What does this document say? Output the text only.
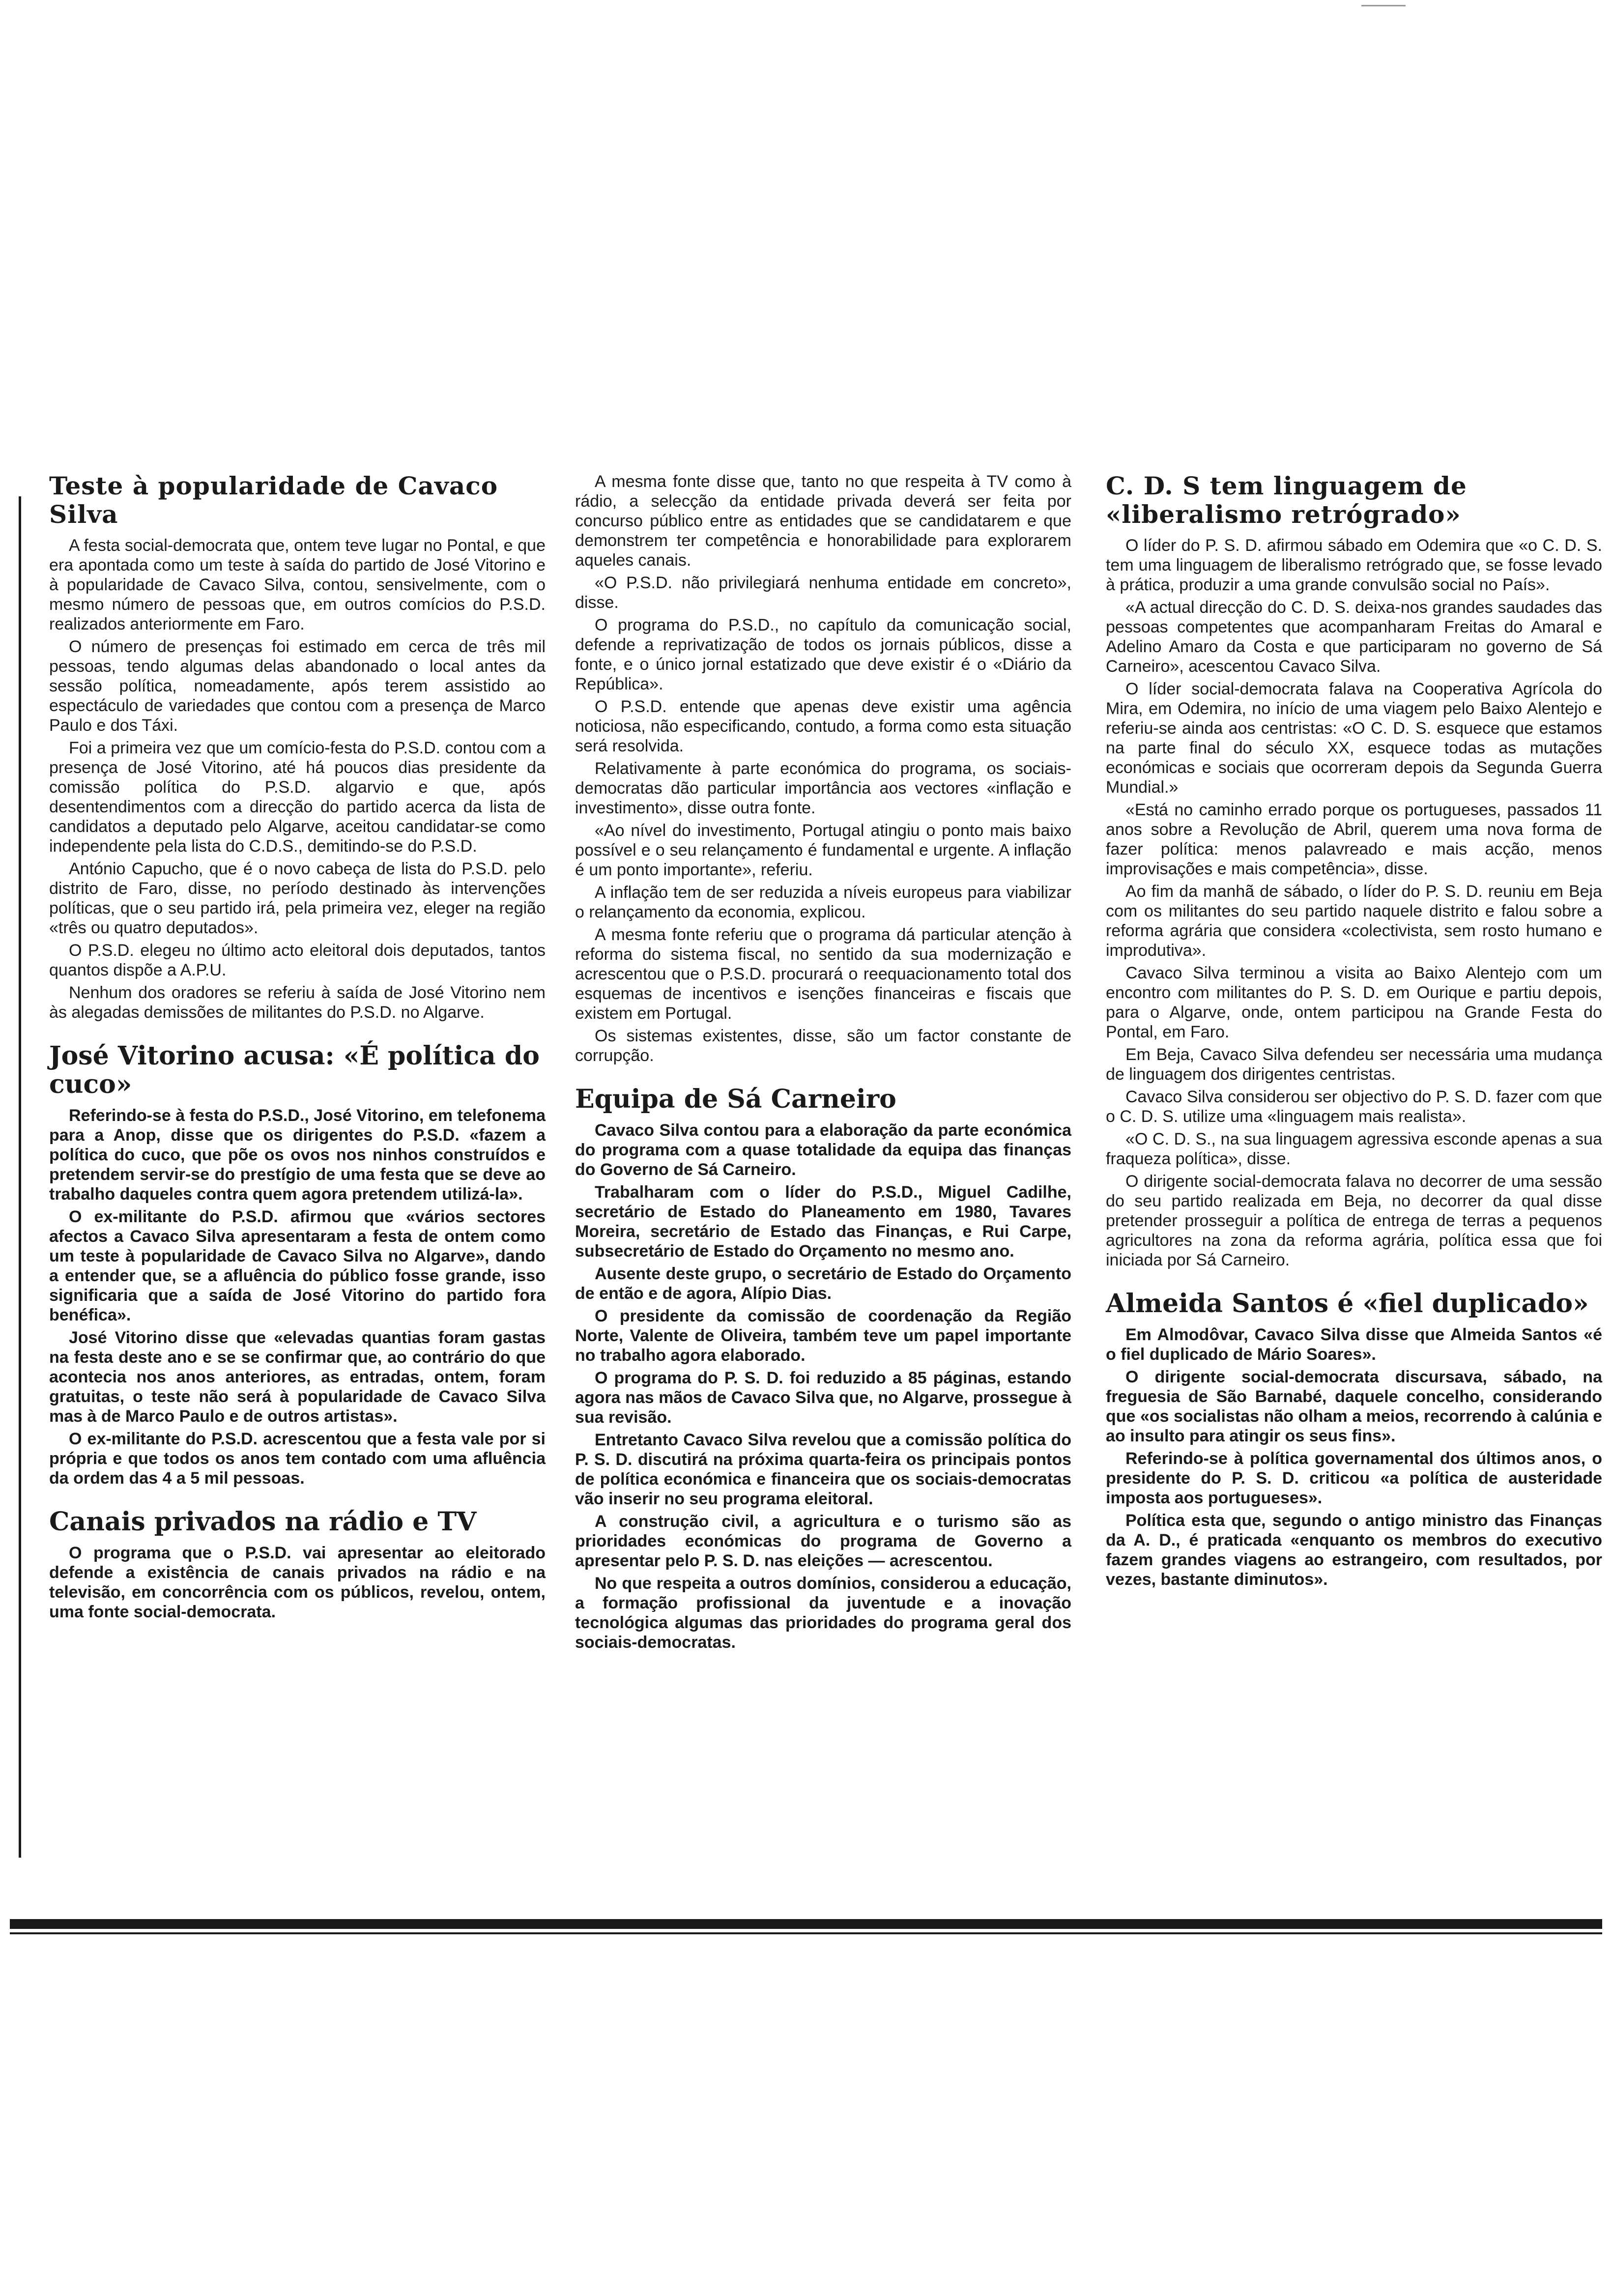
Teste à popularidade de Cavaco Silva

A festa social-democrata que, ontem teve lugar no Pontal, e que era apontada como um teste à saída do partido de José Vitorino e à popularidade de Cavaco Silva, contou, sensivelmente, com o mesmo número de pessoas que, em outros comícios do P.S.D. realizados anteriormente em Faro.

O número de presenças foi estimado em cerca de três mil pessoas, tendo algumas delas abandonado o local antes da sessão política, nomeadamente, após terem assistido ao espectáculo de variedades que contou com a presença de Marco Paulo e dos Táxi.

Foi a primeira vez que um comício-festa do P.S.D. contou com a presença de José Vitorino, até há poucos dias presidente da comissão política do P.S.D. algarvio e que, após desentendimentos com a direcção do partido acerca da lista de candidatos a deputado pelo Algarve, aceitou candidatar-se como independente pela lista do C.D.S., demitindo-se do P.S.D.

António Capucho, que é o novo cabeça de lista do P.S.D. pelo distrito de Faro, disse, no período destinado às intervenções políticas, que o seu partido irá, pela primeira vez, eleger na região «três ou quatro deputados».

O P.S.D. elegeu no último acto eleitoral dois deputados, tantos quantos dispõe a A.P.U.

Nenhum dos oradores se referiu à saída de José Vitorino nem às alegadas demissões de militantes do P.S.D. no Algarve.

José Vitorino acusa: «É política do cuco»

Referindo-se à festa do P.S.D., José Vitorino, em telefonema para a Anop, disse que os dirigentes do P.S.D. «fazem a política do cuco, que põe os ovos nos ninhos construídos e pretendem servir-se do prestígio de uma festa que se deve ao trabalho daqueles contra quem agora pretendem utilizá-la».

O ex-militante do P.S.D. afirmou que «vários sectores afectos a Cavaco Silva apresentaram a festa de ontem como um teste à popularidade de Cavaco Silva no Algarve», dando a entender que, se a afluência do público fosse grande, isso significaria que a saída de José Vitorino do partido fora benéfica».

José Vitorino disse que «elevadas quantias foram gastas na festa deste ano e se se confirmar que, ao contrário do que acontecia nos anos anteriores, as entradas, ontem, foram gratuitas, o teste não será à popularidade de Cavaco Silva mas à de Marco Paulo e de outros artistas».

O ex-militante do P.S.D. acrescentou que a festa vale por si própria e que todos os anos tem contado com uma afluência da ordem das 4 a 5 mil pessoas.

Canais privados na rádio e TV

O programa que o P.S.D. vai apresentar ao eleitorado defende a existência de canais privados na rádio e na televisão, em concorrência com os públicos, revelou, ontem, uma fonte social-democrata.

A mesma fonte disse que, tanto no que respeita à TV como à rádio, a selecção da entidade privada deverá ser feita por concurso público entre as entidades que se candidatarem e que demonstrem ter competência e honorabilidade para explorarem aqueles canais.

«O P.S.D. não privilegiará nenhuma entidade em concreto», disse.

O programa do P.S.D., no capítulo da comunicação social, defende a reprivatização de todos os jornais públicos, disse a fonte, e o único jornal estatizado que deve existir é o «Diário da República».

O P.S.D. entende que apenas deve existir uma agência noticiosa, não especificando, contudo, a forma como esta situação será resolvida.

Relativamente à parte económica do programa, os sociais-democratas dão particular importância aos vectores «inflação e investimento», disse outra fonte.

«Ao nível do investimento, Portugal atingiu o ponto mais baixo possível e o seu relançamento é fundamental e urgente. A inflação é um ponto importante», referiu.

A inflação tem de ser reduzida a níveis europeus para viabilizar o relançamento da economia, explicou.

A mesma fonte referiu que o programa dá particular atenção à reforma do sistema fiscal, no sentido da sua modernização e acrescentou que o P.S.D. procurará o reequacionamento total dos esquemas de incentivos e isenções financeiras e fiscais que existem em Portugal.

Os sistemas existentes, disse, são um factor constante de corrupção.

Equipa de Sá Carneiro

Cavaco Silva contou para a elaboração da parte económica do programa com a quase totalidade da equipa das finanças do Governo de Sá Carneiro.

Trabalharam com o líder do P.S.D., Miguel Cadilhe, secretário de Estado do Planeamento em 1980, Tavares Moreira, secretário de Estado das Finanças, e Rui Carpe, subsecretário de Estado do Orçamento no mesmo ano.

Ausente deste grupo, o secretário de Estado do Orçamento de então e de agora, Alípio Dias.

O presidente da comissão de coordenação da Região Norte, Valente de Oliveira, também teve um papel importante no trabalho agora elaborado.

O programa do P. S. D. foi reduzido a 85 páginas, estando agora nas mãos de Cavaco Silva que, no Algarve, prossegue à sua revisão.

Entretanto Cavaco Silva revelou que a comissão política do P. S. D. discutirá na próxima quarta-feira os principais pontos de política económica e financeira que os sociais-democratas vão inserir no seu programa eleitoral.

A construção civil, a agricultura e o turismo são as prioridades económicas do programa de Governo a apresentar pelo P. S. D. nas eleições — acrescentou.

No que respeita a outros domínios, considerou a educação, a formação profissional da juventude e a inovação tecnológica algumas das prioridades do programa geral dos sociais-democratas.

C. D. S tem linguagem de «liberalismo retrógrado»

O líder do P. S. D. afirmou sábado em Odemira que «o C. D. S. tem uma linguagem de liberalismo retrógrado que, se fosse levado à prática, produzir a uma grande convulsão social no País».

«A actual direcção do C. D. S. deixa-nos grandes saudades das pessoas competentes que acompanharam Freitas do Amaral e Adelino Amaro da Costa e que participaram no governo de Sá Carneiro», acescentou Cavaco Silva.

O líder social-democrata falava na Cooperativa Agrícola do Mira, em Odemira, no início de uma viagem pelo Baixo Alentejo e referiu-se ainda aos centristas: «O C. D. S. esquece que estamos na parte final do século XX, esquece todas as mutações económicas e sociais que ocorreram depois da Segunda Guerra Mundial.»

«Está no caminho errado porque os portugueses, passados 11 anos sobre a Revolução de Abril, querem uma nova forma de fazer política: menos palavreado e mais acção, menos improvisações e mais competência», disse.

Ao fim da manhã de sábado, o líder do P. S. D. reuniu em Beja com os militantes do seu partido naquele distrito e falou sobre a reforma agrária que considera «colectivista, sem rosto humano e improdutiva».

Cavaco Silva terminou a visita ao Baixo Alentejo com um encontro com militantes do P. S. D. em Ourique e partiu depois, para o Algarve, onde, ontem participou na Grande Festa do Pontal, em Faro.

Em Beja, Cavaco Silva defendeu ser necessária uma mudança de linguagem dos dirigentes centristas.

Cavaco Silva considerou ser objectivo do P. S. D. fazer com que o C. D. S. utilize uma «linguagem mais realista».

«O C. D. S., na sua linguagem agressiva esconde apenas a sua fraqueza política», disse.

O dirigente social-democrata falava no decorrer de uma sessão do seu partido realizada em Beja, no decorrer da qual disse pretender prosseguir a política de entrega de terras a pequenos agricultores na zona da reforma agrária, política essa que foi iniciada por Sá Carneiro.

Almeida Santos é «fiel duplicado»

Em Almodôvar, Cavaco Silva disse que Almeida Santos «é o fiel duplicado de Mário Soares».

O dirigente social-democrata discursava, sábado, na freguesia de São Barnabé, daquele concelho, considerando que «os socialistas não olham a meios, recorrendo à calúnia e ao insulto para atingir os seus fins».

Referindo-se à política governamental dos últimos anos, o presidente do P. S. D. criticou «a política de austeridade imposta aos portugueses».

Política esta que, segundo o antigo ministro das Finanças da A. D., é praticada «enquanto os membros do executivo fazem grandes viagens ao estrangeiro, com resultados, por vezes, bastante diminutos».
